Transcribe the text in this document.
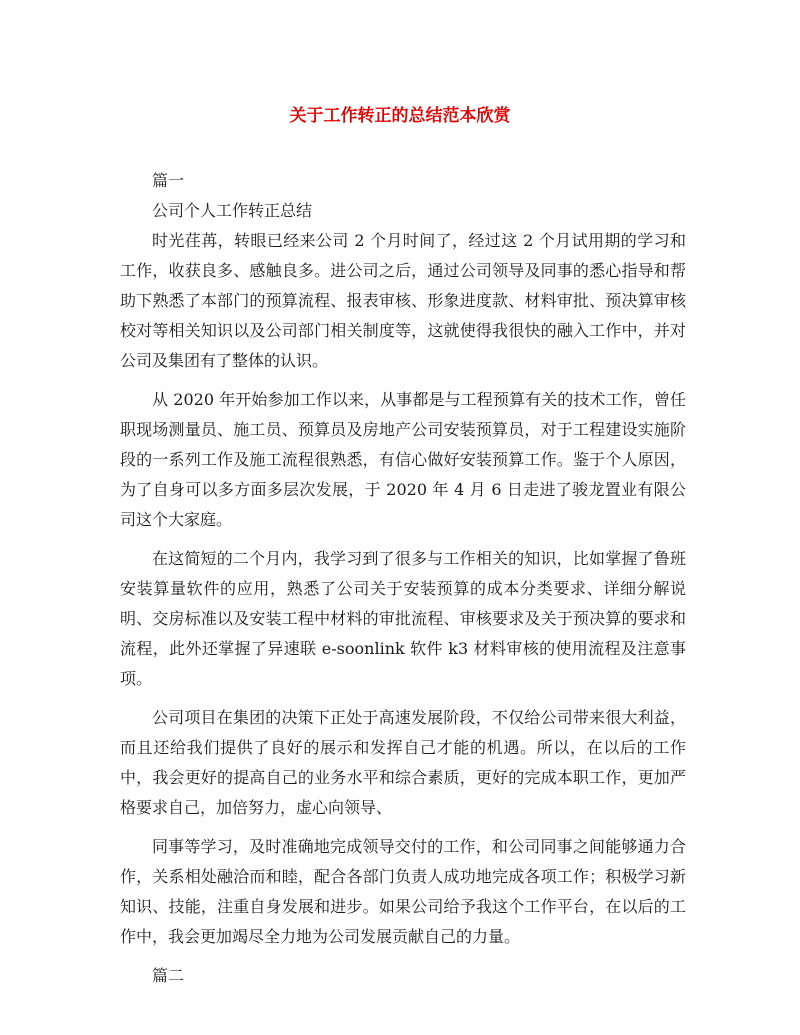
关于工作转正的总结范本欣赏

篇一

公司个人工作转正总结

时光荏苒，转眼已经来公司 2 个月时间了，经过这 2 个月试用期的学习和工作，收获良多、感触良多。进公司之后，通过公司领导及同事的悉心指导和帮助下熟悉了本部门的预算流程、报表审核、形象进度款、材料审批、预决算审核校对等相关知识以及公司部门相关制度等，这就使得我很快的融入工作中，并对公司及集团有了整体的认识。

从 2020 年开始参加工作以来，从事都是与工程预算有关的技术工作，曾任职现场测量员、施工员、预算员及房地产公司安装预算员，对于工程建设实施阶段的一系列工作及施工流程很熟悉，有信心做好安装预算工作。鉴于个人原因，为了自身可以多方面多层次发展，于 2020 年 4 月 6 日走进了骏龙置业有限公司这个大家庭。

在这简短的二个月内，我学习到了很多与工作相关的知识，比如掌握了鲁班安装算量软件的应用，熟悉了公司关于安装预算的成本分类要求、详细分解说明、交房标准以及安装工程中材料的审批流程、审核要求及关于预决算的要求和流程，此外还掌握了异速联 e-soonlink 软件 k3 材料审核的使用流程及注意事项。

公司项目在集团的决策下正处于高速发展阶段，不仅给公司带来很大利益，而且还给我们提供了良好的展示和发挥自己才能的机遇。所以，在以后的工作中，我会更好的提高自己的业务水平和综合素质，更好的完成本职工作，更加严格要求自己，加倍努力，虚心向领导、

同事等学习，及时准确地完成领导交付的工作，和公司同事之间能够通力合作，关系相处融洽而和睦，配合各部门负责人成功地完成各项工作；积极学习新知识、技能，注重自身发展和进步。如果公司给予我这个工作平台，在以后的工作中，我会更加竭尽全力地为公司发展贡献自己的力量。

篇二
